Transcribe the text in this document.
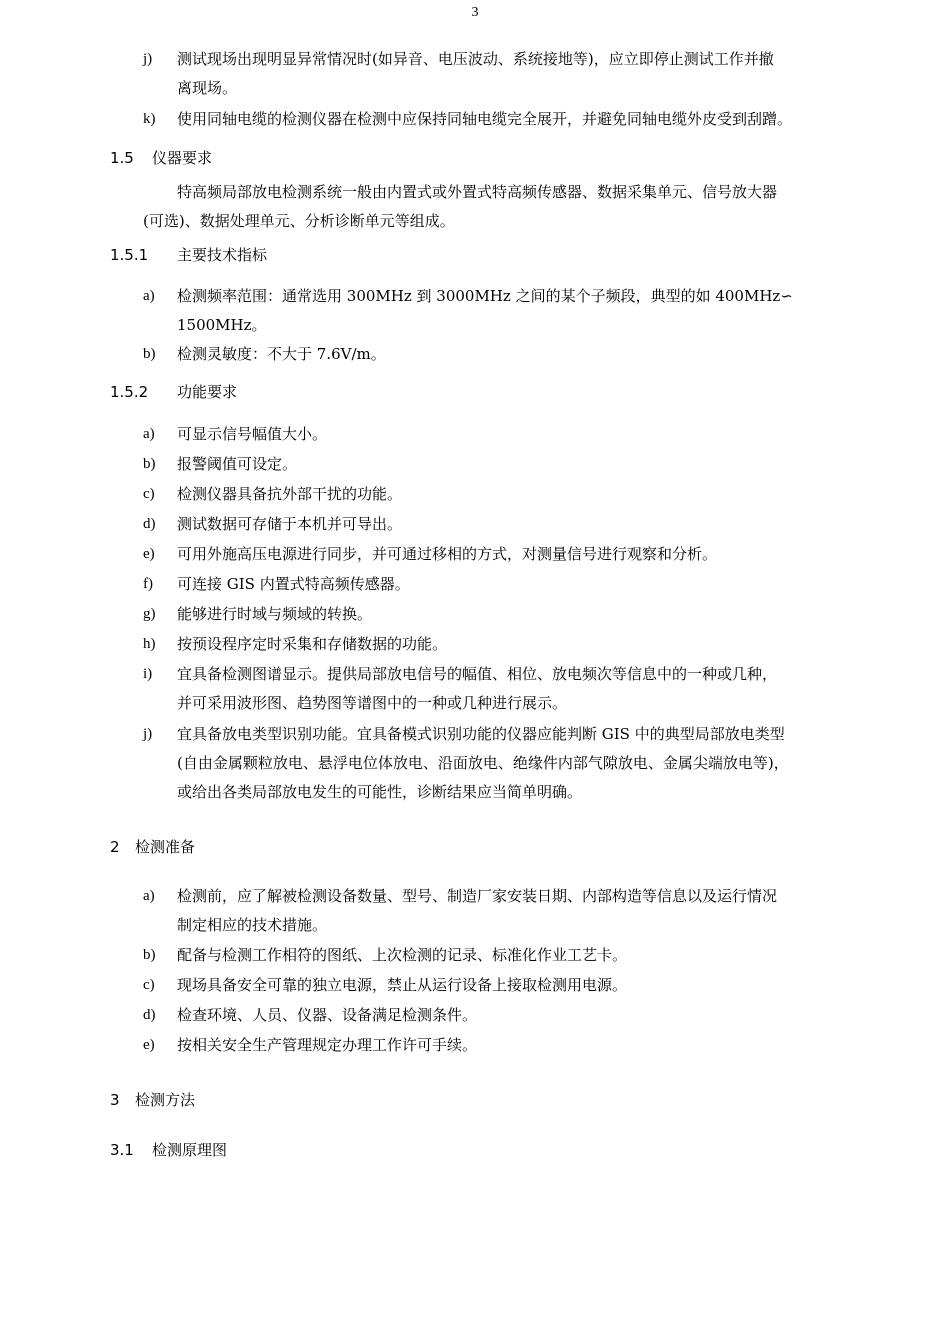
3
j) 测试现场出现明显异常情况时(如异音、电压波动、系统接地等)，应立即停止测试工作并撤
离现场。
k) 使用同轴电缆的检测仪器在检测中应保持同轴电缆完全展开，并避免同轴电缆外皮受到刮蹭。
1.5 仪器要求
特高频局部放电检测系统一般由内置式或外置式特高频传感器、数据采集单元、信号放大器
(可选)、数据处理单元、分析诊断单元等组成。
1.5.1 主要技术指标
a) 检测频率范围：通常选用 300MHz 到 3000MHz 之间的某个子频段，典型的如 400MHz∽
1500MHz。
b) 检测灵敏度：不大于 7.6V/m。
1.5.2 功能要求
a) 可显示信号幅值大小。
b) 报警阈值可设定。
c) 检测仪器具备抗外部干扰的功能。
d) 测试数据可存储于本机并可导出。
e) 可用外施高压电源进行同步，并可通过移相的方式，对测量信号进行观察和分析。
f) 可连接 GIS 内置式特高频传感器。
g) 能够进行时域与频域的转换。
h) 按预设程序定时采集和存储数据的功能。
i) 宜具备检测图谱显示。提供局部放电信号的幅值、相位、放电频次等信息中的一种或几种，
并可采用波形图、趋势图等谱图中的一种或几种进行展示。
j) 宜具备放电类型识别功能。宜具备模式识别功能的仪器应能判断 GIS 中的典型局部放电类型
(自由金属颗粒放电、悬浮电位体放电、沿面放电、绝缘件内部气隙放电、金属尖端放电等)，
或给出各类局部放电发生的可能性，诊断结果应当简单明确。
2 检测准备
a) 检测前，应了解被检测设备数量、型号、制造厂家安装日期、内部构造等信息以及运行情况
制定相应的技术措施。
b) 配备与检测工作相符的图纸、上次检测的记录、标准化作业工艺卡。
c) 现场具备安全可靠的独立电源，禁止从运行设备上接取检测用电源。
d) 检查环境、人员、仪器、设备满足检测条件。
e) 按相关安全生产管理规定办理工作许可手续。
3 检测方法
3.1 检测原理图
